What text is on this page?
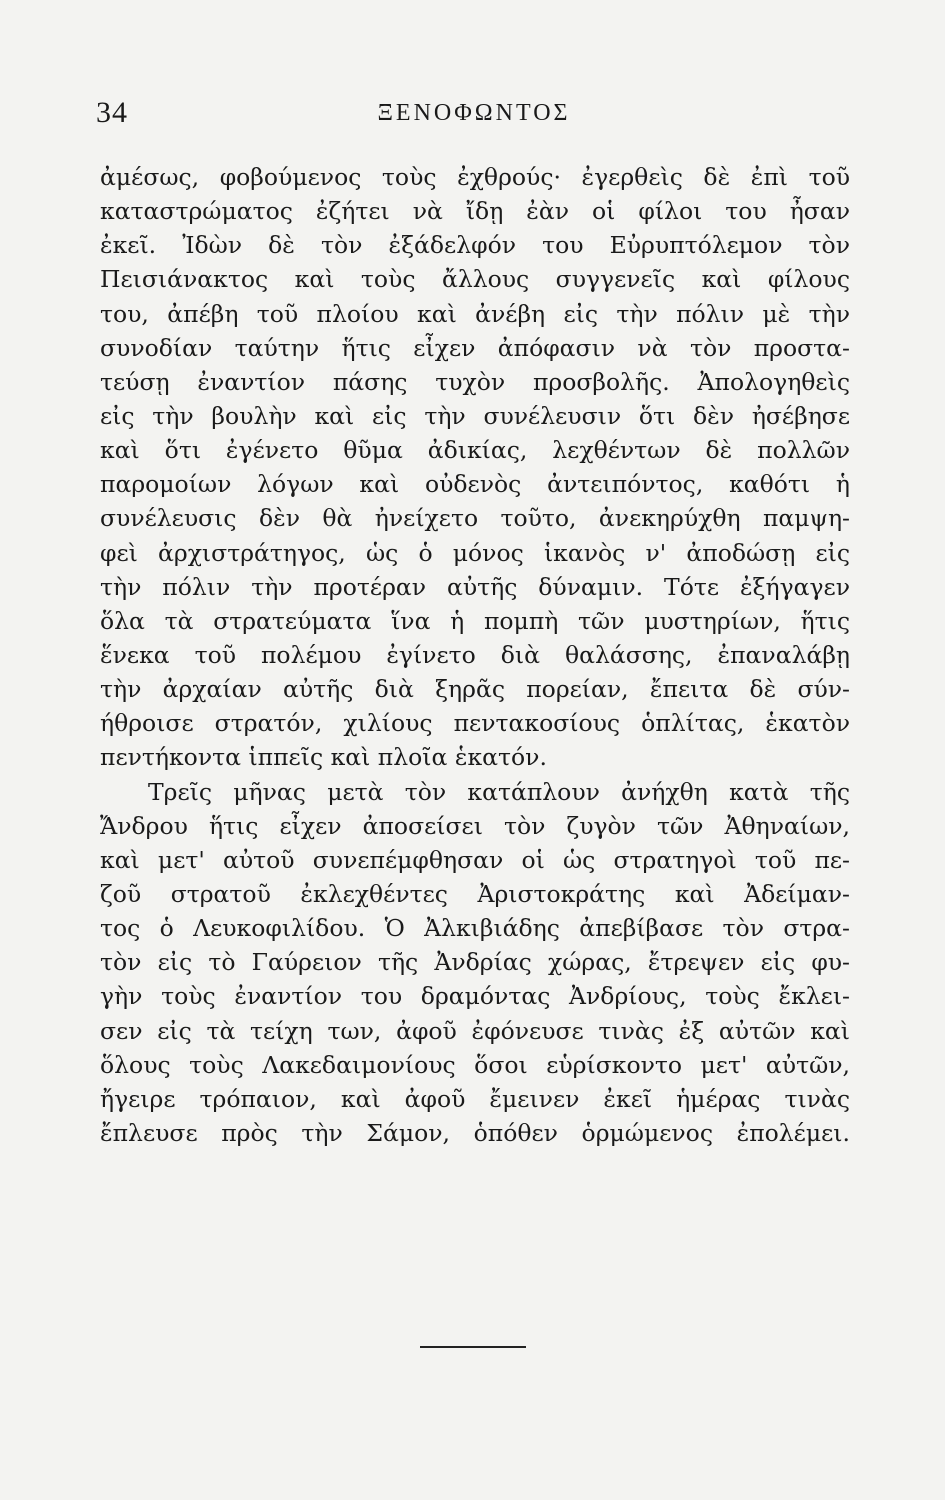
34	ΞΕΝΟΦΩΝΤΟΣ
ἀμέσως, φοβούμενος τοὺς ἐχθρούς· ἐγερθεὶς δὲ ἐπὶ τοῦ
καταστρώματος ἐζήτει νὰ ἴδῃ ἐὰν οἱ φίλοι του ἦσαν
ἐκεῖ. Ἰδὼν δὲ τὸν ἐξάδελφόν του Εὐρυπτόλεμον τὸν
Πεισιάνακτος καὶ τοὺς ἄλλους συγγενεῖς καὶ φίλους
του, ἀπέβη τοῦ πλοίου καὶ ἀνέβη εἰς τὴν πόλιν μὲ τὴν
συνοδίαν ταύτην ἥτις εἶχεν ἀπόφασιν νὰ τὸν προστα-
τεύσῃ ἐναντίον πάσης τυχὸν προσβολῆς. Ἀπολογηθεὶς
εἰς τὴν βουλὴν καὶ εἰς τὴν συνέλευσιν ὅτι δὲν ἠσέβησε
καὶ ὅτι ἐγένετο θῦμα ἀδικίας, λεχθέντων δὲ πολλῶν
παρομοίων λόγων καὶ οὐδενὸς ἀντειπόντος, καθότι ἡ
συνέλευσις δὲν θὰ ἠνείχετο τοῦτο, ἀνεκηρύχθη παμψη-
φεὶ ἀρχιστράτηγος, ὡς ὁ μόνος ἱκανὸς ν' ἀποδώσῃ εἰς
τὴν πόλιν τὴν προτέραν αὐτῆς δύναμιν. Τότε ἐξήγαγεν
ὅλα τὰ στρατεύματα ἵνα ἡ πομπὴ τῶν μυστηρίων, ἥτις
ἕνεκα τοῦ πολέμου ἐγίνετο διὰ θαλάσσης, ἐπαναλάβῃ
τὴν ἀρχαίαν αὐτῆς διὰ ξηρᾶς πορείαν, ἔπειτα δὲ σύν-
ήθροισε στρατόν, χιλίους πεντακοσίους ὁπλίτας, ἑκατὸν
πεντήκοντα ἱππεῖς καὶ πλοῖα ἑκατόν.
Τρεῖς μῆνας μετὰ τὸν κατάπλουν ἀνήχθη κατὰ τῆς
Ἄνδρου ἥτις εἶχεν ἀποσείσει τὸν ζυγὸν τῶν Ἀθηναίων,
καὶ μετ' αὐτοῦ συνεπέμφθησαν οἱ ὡς στρατηγοὶ τοῦ πε-
ζοῦ στρατοῦ ἐκλεχθέντες Ἀριστοκράτης καὶ Ἀδείμαν-
τος ὁ Λευκοφιλίδου. Ὁ Ἀλκιβιάδης ἀπεβίβασε τὸν στρα-
τὸν εἰς τὸ Γαύρειον τῆς Ἀνδρίας χώρας, ἔτρεψεν εἰς φυ-
γὴν τοὺς ἐναντίον του δραμόντας Ἀνδρίους, τοὺς ἔκλει-
σεν εἰς τὰ τείχη των, ἀφοῦ ἐφόνευσε τινὰς ἐξ αὐτῶν καὶ
ὅλους τοὺς Λακεδαιμονίους ὅσοι εὑρίσκοντο μετ' αὐτῶν,
ἤγειρε τρόπαιον, καὶ ἀφοῦ ἔμεινεν ἐκεῖ ἡμέρας τινὰς
ἔπλευσε πρὸς τὴν Σάμον, ὁπόθεν ὁρμώμενος ἐπολέμει.
